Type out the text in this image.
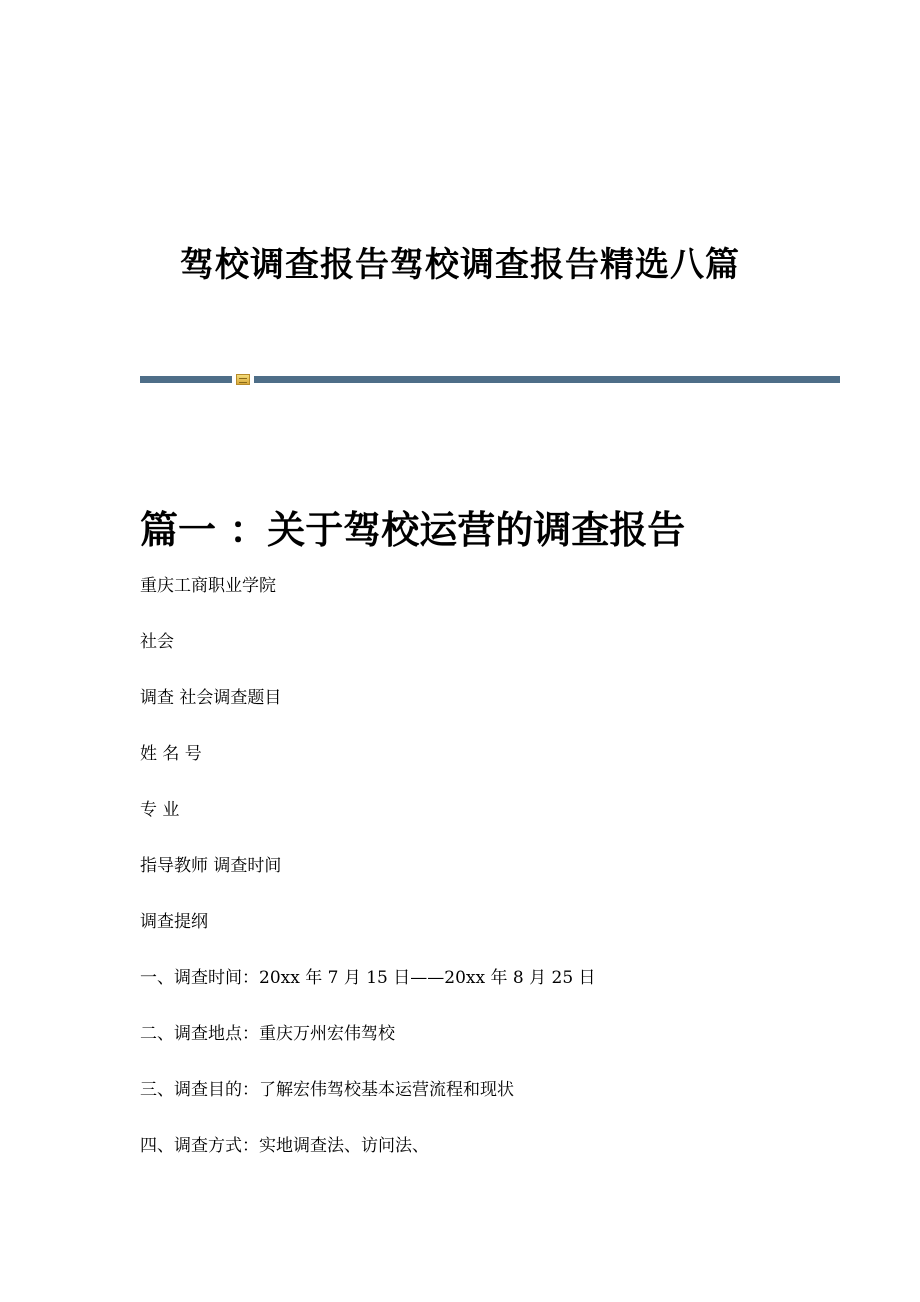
驾校调查报告驾校调查报告精选八篇
篇一 ：关于驾校运营的调查报告
重庆工商职业学院
社会
调查 社会调查题目
姓 名 号
专 业
指导教师 调查时间
调查提纲
一、调查时间：20xx 年 7 月 15 日——20xx 年 8 月 25 日
二、调查地点：重庆万州宏伟驾校
三、调查目的：了解宏伟驾校基本运营流程和现状
四、调查方式：实地调查法、访问法、
